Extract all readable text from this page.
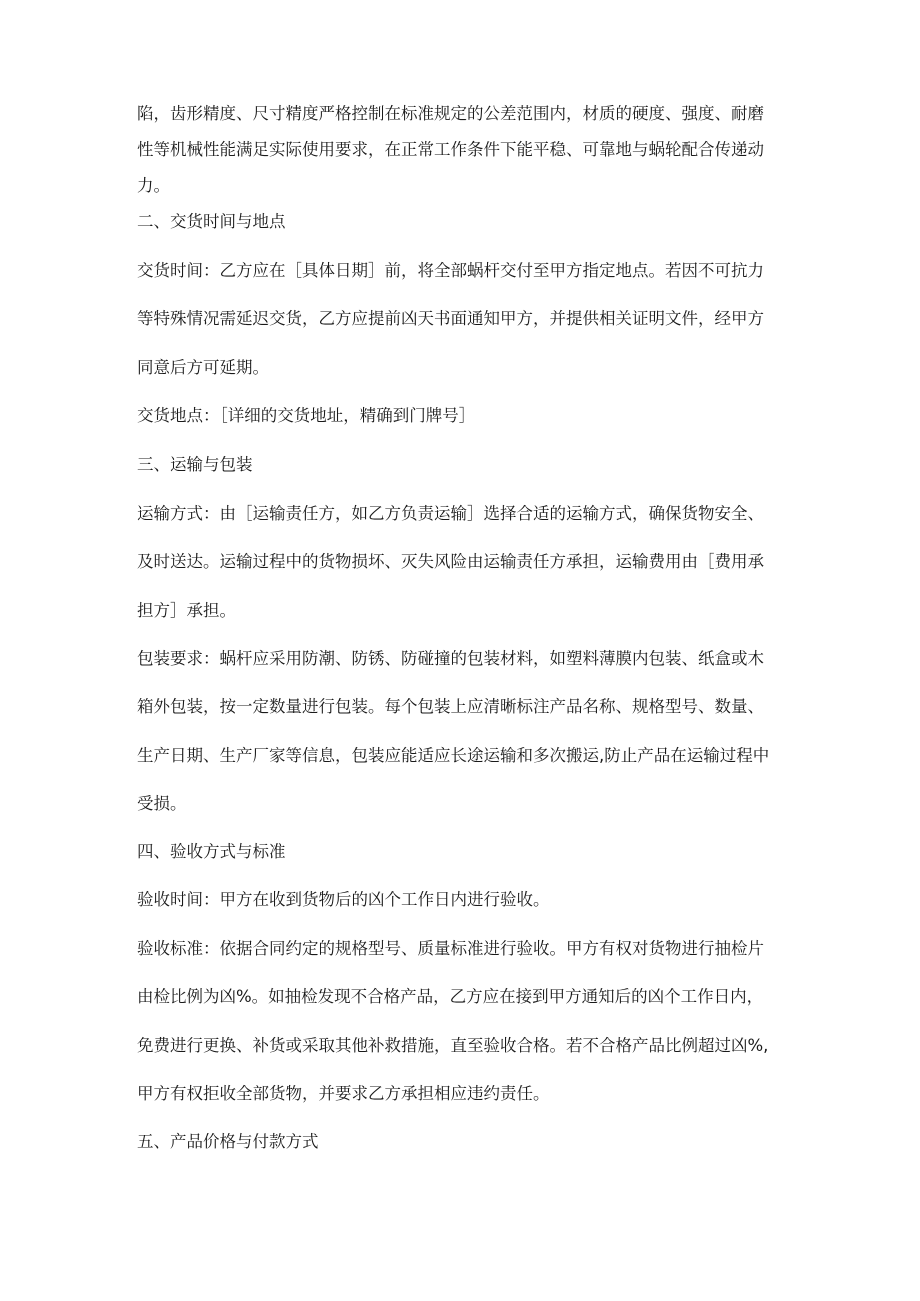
陷，齿形精度、尺寸精度严格控制在标准规定的公差范围内，材质的硬度、强度、耐磨
性等机械性能满足实际使用要求，在正常工作条件下能平稳、可靠地与蜗轮配合传递动
力。
二、交货时间与地点
交货时间：乙方应在［具体日期］前，将全部蜗杆交付至甲方指定地点。若因不可抗力
等特殊情况需延迟交货，乙方应提前凶天书面通知甲方，并提供相关证明文件，经甲方
同意后方可延期。
交货地点：［详细的交货地址，精确到门牌号］
三、运输与包装
运输方式：由［运输责任方，如乙方负责运输］选择合适的运输方式，确保货物安全、
及时送达。运输过程中的货物损坏、灭失风险由运输责任方承担，运输费用由［费用承
担方］承担。
包装要求：蜗杆应采用防潮、防锈、防碰撞的包装材料，如塑料薄膜内包装、纸盒或木
箱外包装，按一定数量进行包装。每个包装上应清晰标注产品名称、规格型号、数量、
生产日期、生产厂家等信息，包装应能适应长途运输和多次搬运,防止产品在运输过程中
受损。
四、验收方式与标准
验收时间：甲方在收到货物后的凶个工作日内进行验收。
验收标准：依据合同约定的规格型号、质量标准进行验收。甲方有权对货物进行抽检片
由检比例为凶%。如抽检发现不合格产品，乙方应在接到甲方通知后的凶个工作日内，
免费进行更换、补货或采取其他补救措施，直至验收合格。若不合格产品比例超过凶%,
甲方有权拒收全部货物，并要求乙方承担相应违约责任。
五、产品价格与付款方式
